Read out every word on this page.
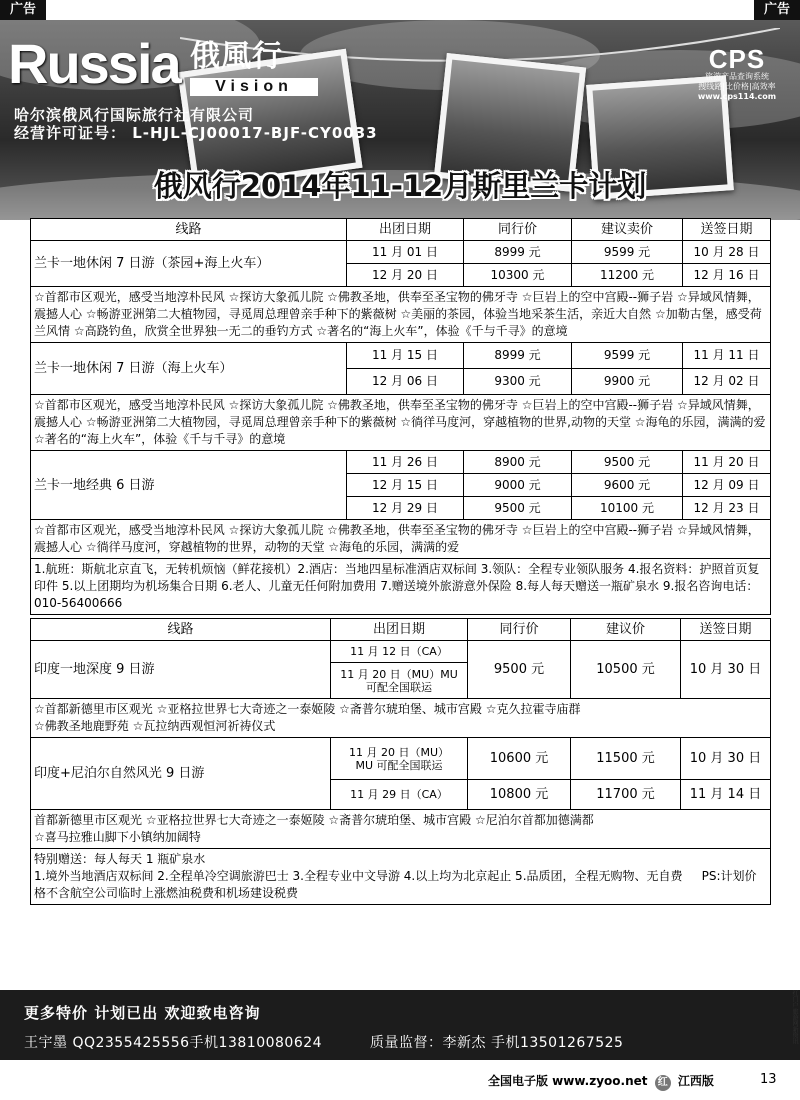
广告	广告
Russia 俄風行
Vision
哈尔滨俄风行国际旅行社有限公司
经营许可证号： L-HJL-CJ00017-BJF-CY0033
CPS
旅游产品查询系统
搜线路|比价格|高效率
www.cps114.com
俄风行2014年11-12月斯里兰卡计划
线路	出团日期	同行价	建议卖价	送签日期
兰卡一地休闲 7 日游（茶园+海上火车）	11 月 01 日	8999 元	9599 元	10 月 28 日
	12 月 20 日	10300 元	11200 元	12 月 16 日
☆首都市区观光，感受当地淳朴民风 ☆探访大象孤儿院 ☆佛教圣地，供奉至圣宝物的佛牙寺 ☆巨岩上的空中宫殿--狮子岩 ☆异域风情舞，震撼人心 ☆畅游亚洲第二大植物园，寻觅周总理曾亲手种下的紫薇树 ☆美丽的茶园，体验当地采茶生活，亲近大自然 ☆加勒古堡，感受荷兰风情 ☆高跷钓鱼，欣赏全世界独一无二的垂钓方式 ☆著名的“海上火车”，体验《千与千寻》的意境				
兰卡一地休闲 7 日游（海上火车）	11 月 15 日	8999 元	9599 元	11 月 11 日
	12 月 06 日	9300 元	9900 元	12 月 02 日
☆首都市区观光，感受当地淳朴民风 ☆探访大象孤儿院 ☆佛教圣地，供奉至圣宝物的佛牙寺 ☆巨岩上的空中宫殿--狮子岩 ☆异域风情舞，震撼人心 ☆畅游亚洲第二大植物园，寻觅周总理曾亲手种下的紫薇树 ☆徜徉马度河，穿越植物的世界,动物的天堂 ☆海龟的乐园，满满的爱 ☆著名的“海上火车”，体验《千与千寻》的意境				
兰卡一地经典 6 日游	11 月 26 日	8900 元	9500 元	11 月 20 日
	12 月 15 日	9000 元	9600 元	12 月 09 日
	12 月 29 日	9500 元	10100 元	12 月 23 日
☆首都市区观光，感受当地淳朴民风 ☆探访大象孤儿院 ☆佛教圣地，供奉至圣宝物的佛牙寺 ☆巨岩上的空中宫殿--狮子岩 ☆异域风情舞，震撼人心 ☆徜徉马度河，穿越植物的世界，动物的天堂 ☆海龟的乐园，满满的爱				
1.航班：斯航北京直飞，无转机烦恼（鲜花接机）2.酒店：当地四星标准酒店双标间 3.领队：全程专业领队服务 4.报名资料：护照首页复印件 5.以上团期均为机场集合日期 6.老人、儿童无任何附加费用 7.赠送境外旅游意外保险 8.每人每天赠送一瓶矿泉水 9.报名咨询电话：010-56400666				
线路	出团日期	同行价	建议价	送签日期
印度一地深度 9 日游	11 月 12 日（CA）	9500 元	10500 元	10 月 30 日
	11 月 20 日（MU）MU
可配全国联运			
☆首都新德里市区观光 ☆亚格拉世界七大奇迹之一泰姬陵 ☆斋普尔琥珀堡、城市宫殿 ☆克久拉霍寺庙群
☆佛教圣地鹿野苑 ☆瓦拉纳西观恒河祈祷仪式				
印度+尼泊尔自然风光 9 日游	11 月 20 日（MU）
MU 可配全国联运	10600 元	11500 元	10 月 30 日
	11 月 29 日（CA）	10800 元	11700 元	11 月 14 日
首都新德里市区观光 ☆亚格拉世界七大奇迹之一泰姬陵 ☆斋普尔琥珀堡、城市宫殿 ☆尼泊尔首都加德满都
☆喜马拉雅山脚下小镇纳加阔特				
特别赠送：每人每天 1 瓶矿泉水
1.境外当地酒店双标间 2.全程单冷空调旅游巴士 3.全程专业中文导游 4.以上均为北京起止 5.品质团，全程无购物、无自费 PS:计划价格不含航空公司临时上涨燃油税费和机场建设税费				
更多特价 计划已出 欢迎致电咨询
王宇墨 QQ2355425556手机13810080624	质量监督：李新杰 手机13501267525	红门户旅游网新资讯
全国电子版 www.zyoo.net 红 江西版	13
